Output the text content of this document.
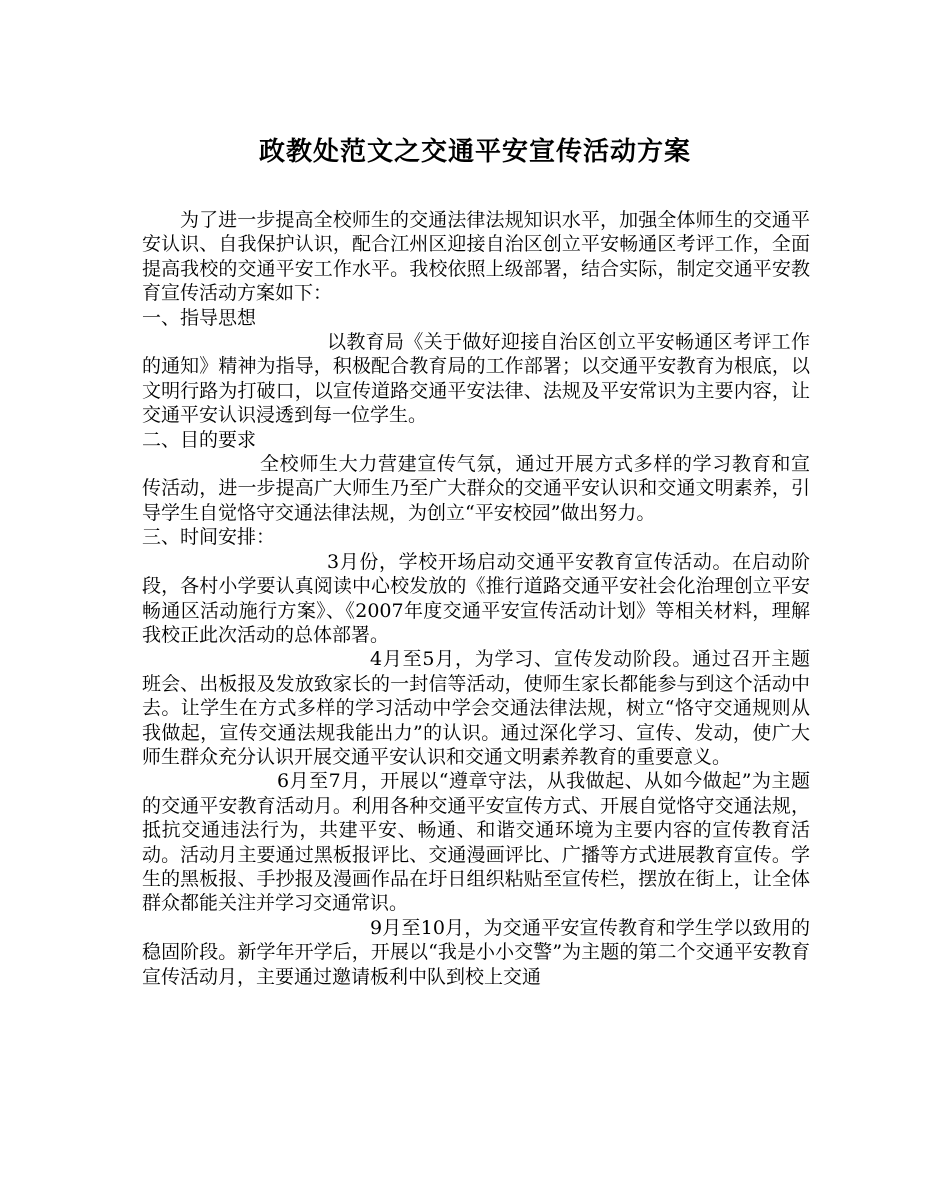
政教处范文之交通平安宣传活动方案

为了进一步提高全校师生的交通法律法规知识水平，加强全体师生的交通平安认识、自我保护认识，配合江州区迎接自治区创立平安畅通区考评工作，全面提高我校的交通平安工作水平。我校依照上级部署，结合实际，制定交通平安教育宣传活动方案如下：

一、指导思想

以教育局《关于做好迎接自治区创立平安畅通区考评工作的通知》精神为指导，积极配合教育局的工作部署；以交通平安教育为根底，以文明行路为打破口，以宣传道路交通平安法律、法规及平安常识为主要内容，让交通平安认识浸透到每一位学生。

二、目的要求

全校师生大力营建宣传气氛，通过开展方式多样的学习教育和宣传活动，进一步提高广大师生乃至广大群众的交通平安认识和交通文明素养，引导学生自觉恪守交通法律法规，为创立“平安校园”做出努力。

三、时间安排：

3月份，学校开场启动交通平安教育宣传活动。在启动阶段，各村小学要认真阅读中心校发放的《推行道路交通平安社会化治理创立平安畅通区活动施行方案》、《2007年度交通平安宣传活动计划》等相关材料，理解我校正此次活动的总体部署。

4月至5月，为学习、宣传发动阶段。通过召开主题班会、出板报及发放致家长的一封信等活动，使师生家长都能参与到这个活动中去。让学生在方式多样的学习活动中学会交通法律法规，树立“恪守交通规则从我做起，宣传交通法规我能出力”的认识。通过深化学习、宣传、发动，使广大师生群众充分认识开展交通平安认识和交通文明素养教育的重要意义。

6月至7月，开展以“遵章守法，从我做起、从如今做起”为主题的交通平安教育活动月。利用各种交通平安宣传方式、开展自觉恪守交通法规，抵抗交通违法行为，共建平安、畅通、和谐交通环境为主要内容的宣传教育活动。活动月主要通过黑板报评比、交通漫画评比、广播等方式进展教育宣传。学生的黑板报、手抄报及漫画作品在圩日组织粘贴至宣传栏，摆放在街上，让全体群众都能关注并学习交通常识。

9月至10月，为交通平安宣传教育和学生学以致用的稳固阶段。新学年开学后，开展以“我是小小交警”为主题的第二个交通平安教育宣传活动月，主要通过邀请板利中队到校上交通
